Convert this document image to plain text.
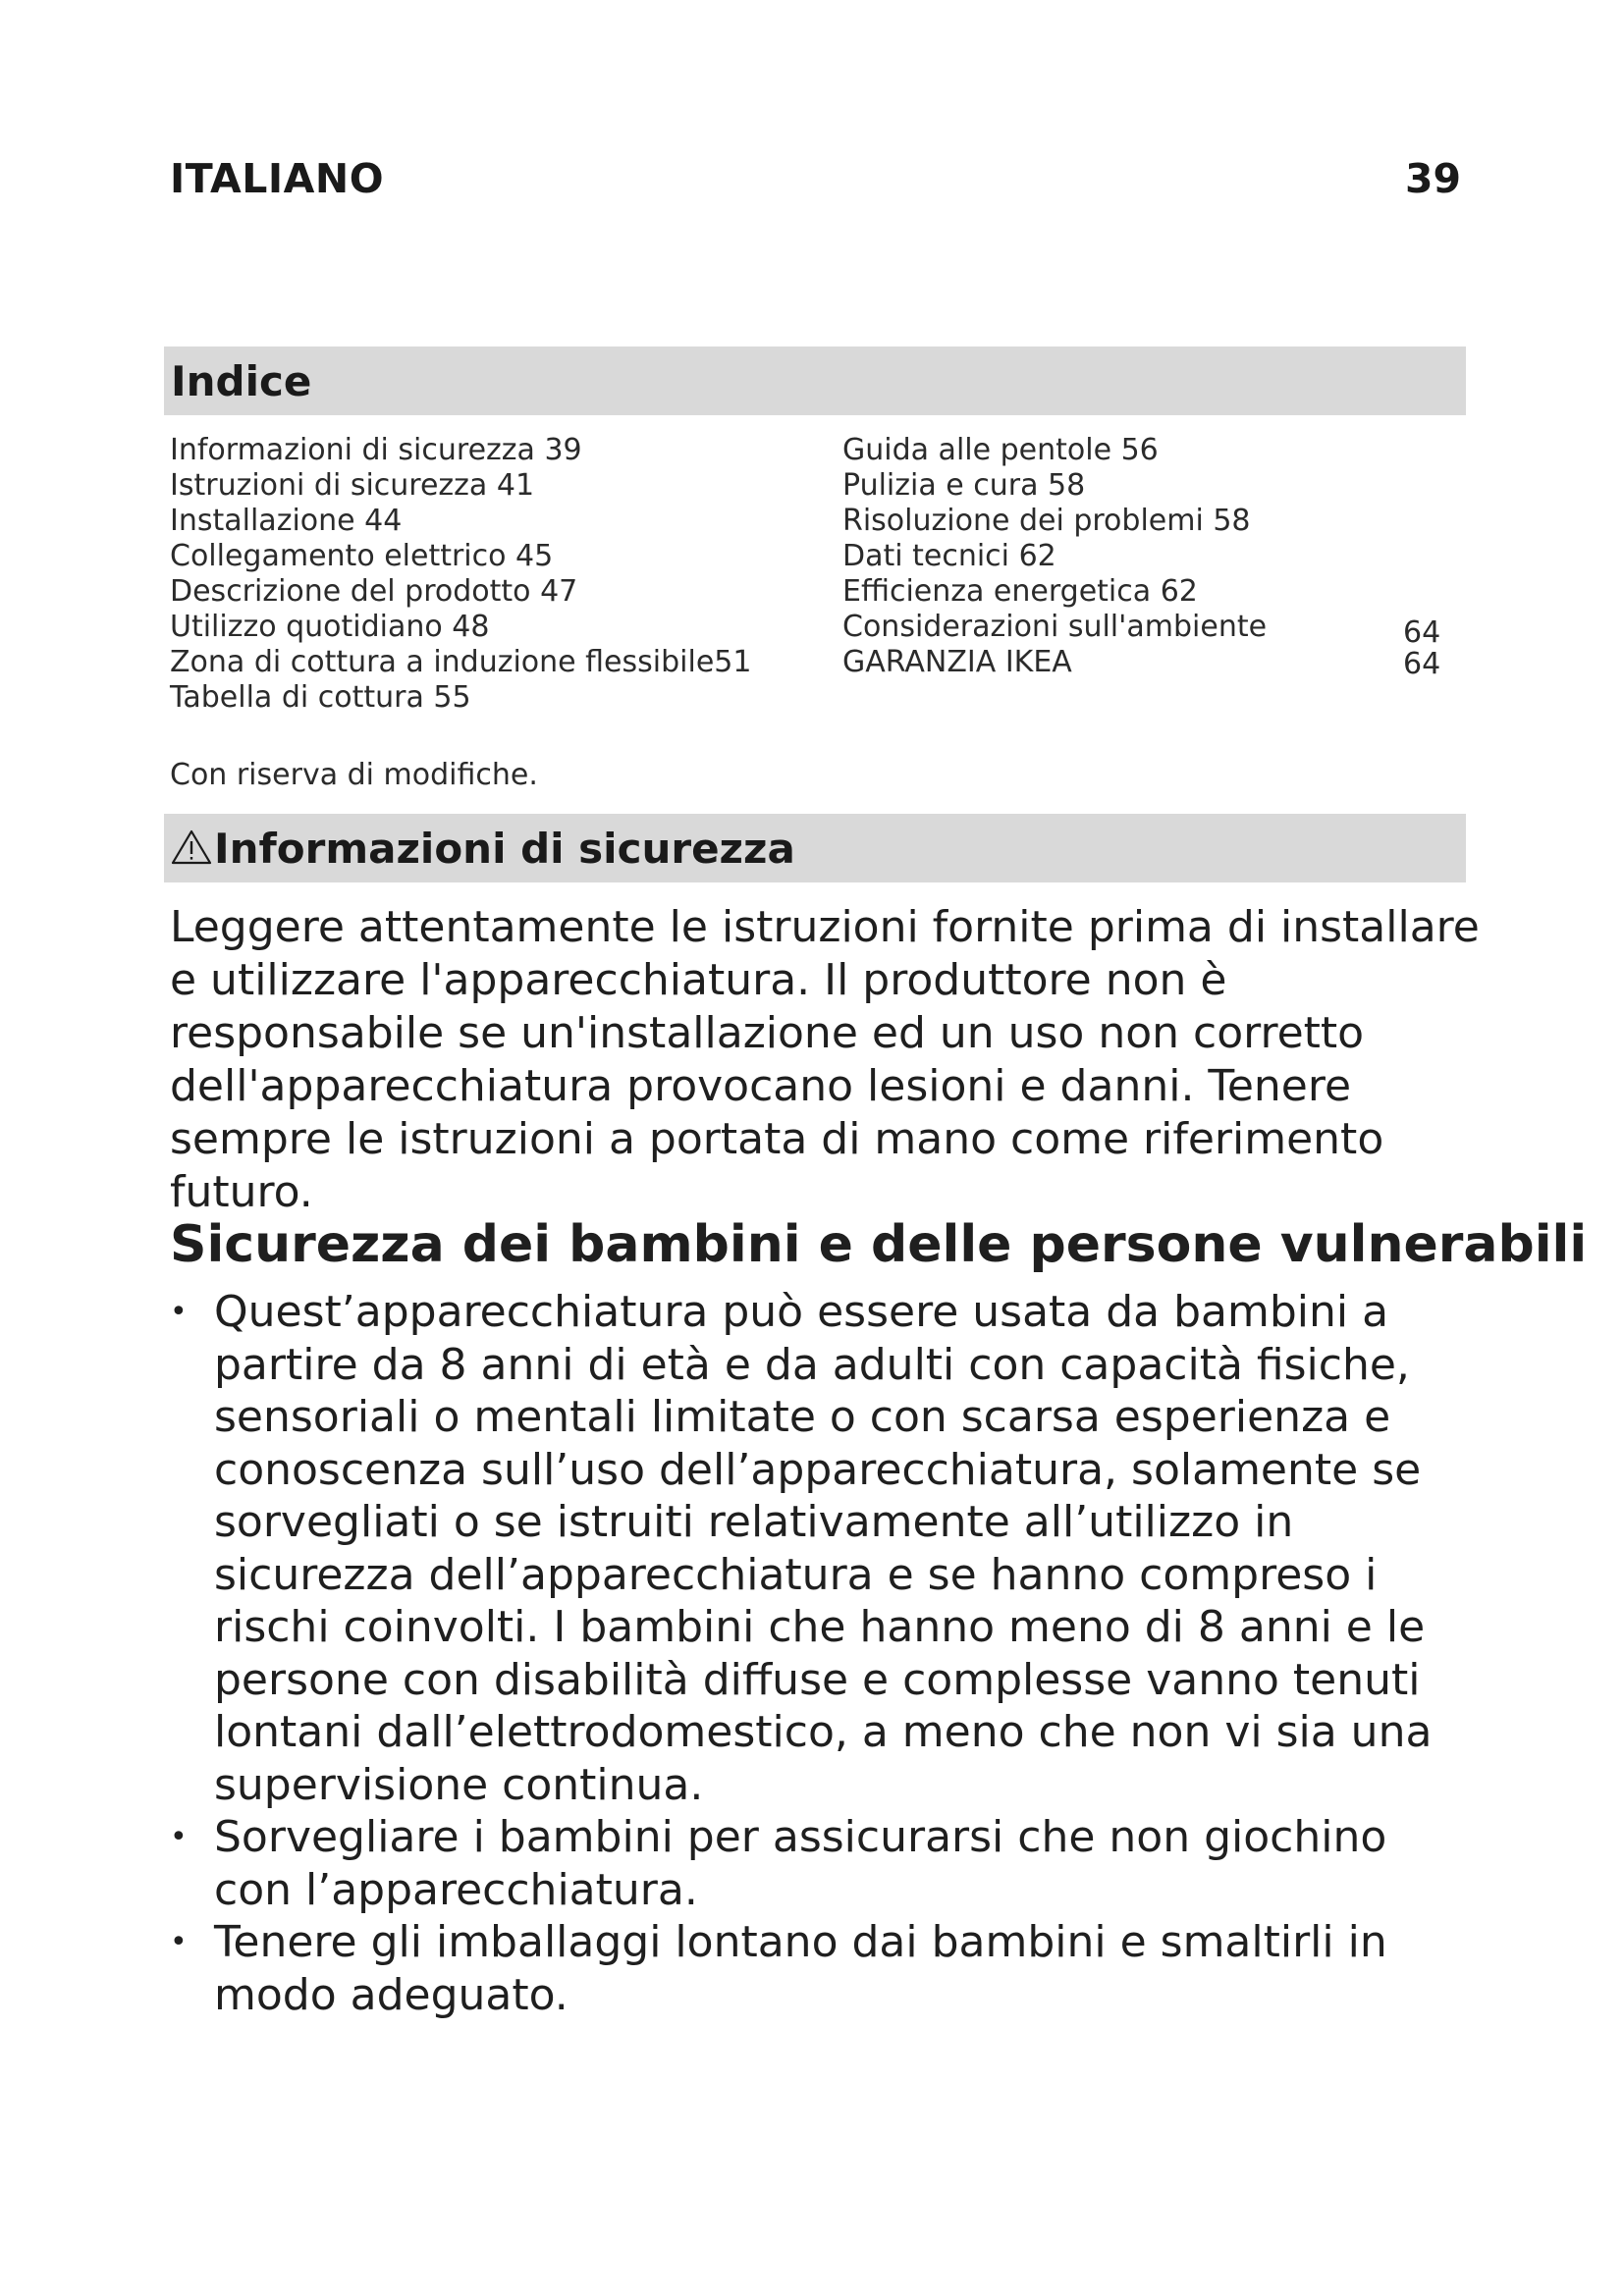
ITALIANO	39
Indice
Informazioni di sicurezza 39
Istruzioni di sicurezza 41
Installazione 44
Collegamento elettrico 45
Descrizione del prodotto 47
Utilizzo quotidiano 48
Zona di cottura a induzione flessibile51
Tabella di cottura 55
Guida alle pentole 56
Pulizia e cura 58
Risoluzione dei problemi 58
Dati tecnici 62
Efficienza energetica 62
Considerazioni sull'ambiente	64
GARANZIA IKEA	64
Con riserva di modifiche.
Informazioni di sicurezza
Leggere attentamente le istruzioni fornite prima di installare e utilizzare l'apparecchiatura. Il produttore non è responsabile se un'installazione ed un uso non corretto dell'apparecchiatura provocano lesioni e danni. Tenere sempre le istruzioni a portata di mano come riferimento futuro.
Sicurezza dei bambini e delle persone vulnerabili
• Quest’apparecchiatura può essere usata da bambini a partire da 8 anni di età e da adulti con capacità fisiche, sensoriali o mentali limitate o con scarsa esperienza e conoscenza sull’uso dell’apparecchiatura, solamente se sorvegliati o se istruiti relativamente all’utilizzo in sicurezza dell’apparecchiatura e se hanno compreso i rischi coinvolti. I bambini che hanno meno di 8 anni e le persone con disabilità diffuse e complesse vanno tenuti lontani dall’elettrodomestico, a meno che non vi sia una supervisione continua.
• Sorvegliare i bambini per assicurarsi che non giochino con l’apparecchiatura.
• Tenere gli imballaggi lontano dai bambini e smaltirli in modo adeguato.
